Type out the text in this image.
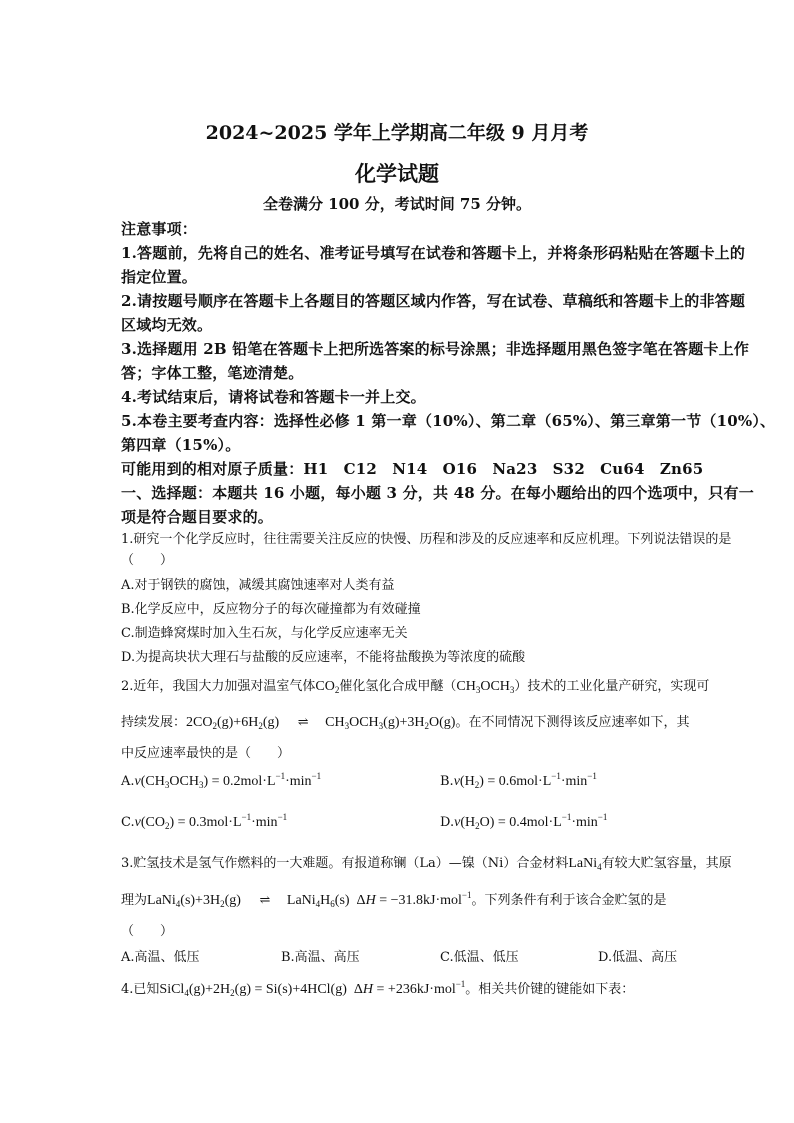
2024~2025 学年上学期高二年级 9 月月考
化学试题
全卷满分 100 分，考试时间 75 分钟。
注意事项：
1.答题前，先将自己的姓名、准考证号填写在试卷和答题卡上，并将条形码粘贴在答题卡上的
指定位置。
2.请按题号顺序在答题卡上各题目的答题区域内作答，写在试卷、草稿纸和答题卡上的非答题
区域均无效。
3.选择题用 2B 铅笔在答题卡上把所选答案的标号涂黑；非选择题用黑色签字笔在答题卡上作
答；字体工整，笔迹清楚。
4.考试结束后，请将试卷和答题卡一并上交。
5.本卷主要考查内容：选择性必修 1 第一章（10%）、第二章（65%）、第三章第一节（10%）、
第四章（15%）。
可能用到的相对原子质量：H1　C12　N14　O16　Na23　S32　Cu64　Zn65
一、选择题：本题共 16 小题，每小题 3 分，共 48 分。在每小题给出的四个选项中，只有一
项是符合题目要求的。
1.研究一个化学反应时，往往需要关注反应的快慢、历程和涉及的反应速率和反应机理。下列说法错误的是
（　　）
A.对于钢铁的腐蚀，减缓其腐蚀速率对人类有益
B.化学反应中，反应物分子的每次碰撞都为有效碰撞
C.制造蜂窝煤时加入生石灰，与化学反应速率无关
D.为提高块状大理石与盐酸的反应速率，不能将盐酸换为等浓度的硫酸
2.近年，我国大力加强对温室气体$CO_2$催化氢化合成甲醚$(CH_3OCH_3)$技术的工业化量产研究，实现可
持续发展：$2CO_2(g)+6H_2(g)$ ⇌ $CH_3OCH_3(g)+3H_2O(g)$。在不同情况下测得该反应速率如下，其
中反应速率最快的是（　　）
$A.v(CH_3OCH_3) = 0.2mol\cdot L^{-1}\cdot\min^{-1}$	$B.v(H_2) = 0.6mol\cdot L^{-1}\cdot\min^{-1}$
$C.v(CO_2) = 0.3mol\cdot L^{-1}\cdot\min^{-1}$	$D.v(H_2O) = 0.4mol\cdot L^{-1}\cdot\min^{-1}$
3.贮氢技术是氢气作燃料的一大难题。有报道称镧（La）—镍（Ni）合金材料LaNi$_4$有较大贮氢容量，其原
理为$LaNi_4(s)+3H_2(g)$ ⇌ $LaNi_4H_6(s) \Delta H = -31.8kJ\cdot mol^{-1}$。下列条件有利于该合金贮氢的是
（　　）
A.高温、低压	B.高温、高压	C.低温、低压	D.低温、高压
4.已知$SiCl_4(g)+2H_2(g) = Si(s)+4HCl(g) \Delta H = +236kJ\cdot mol^{-1}$。相关共价键的键能如下表：
